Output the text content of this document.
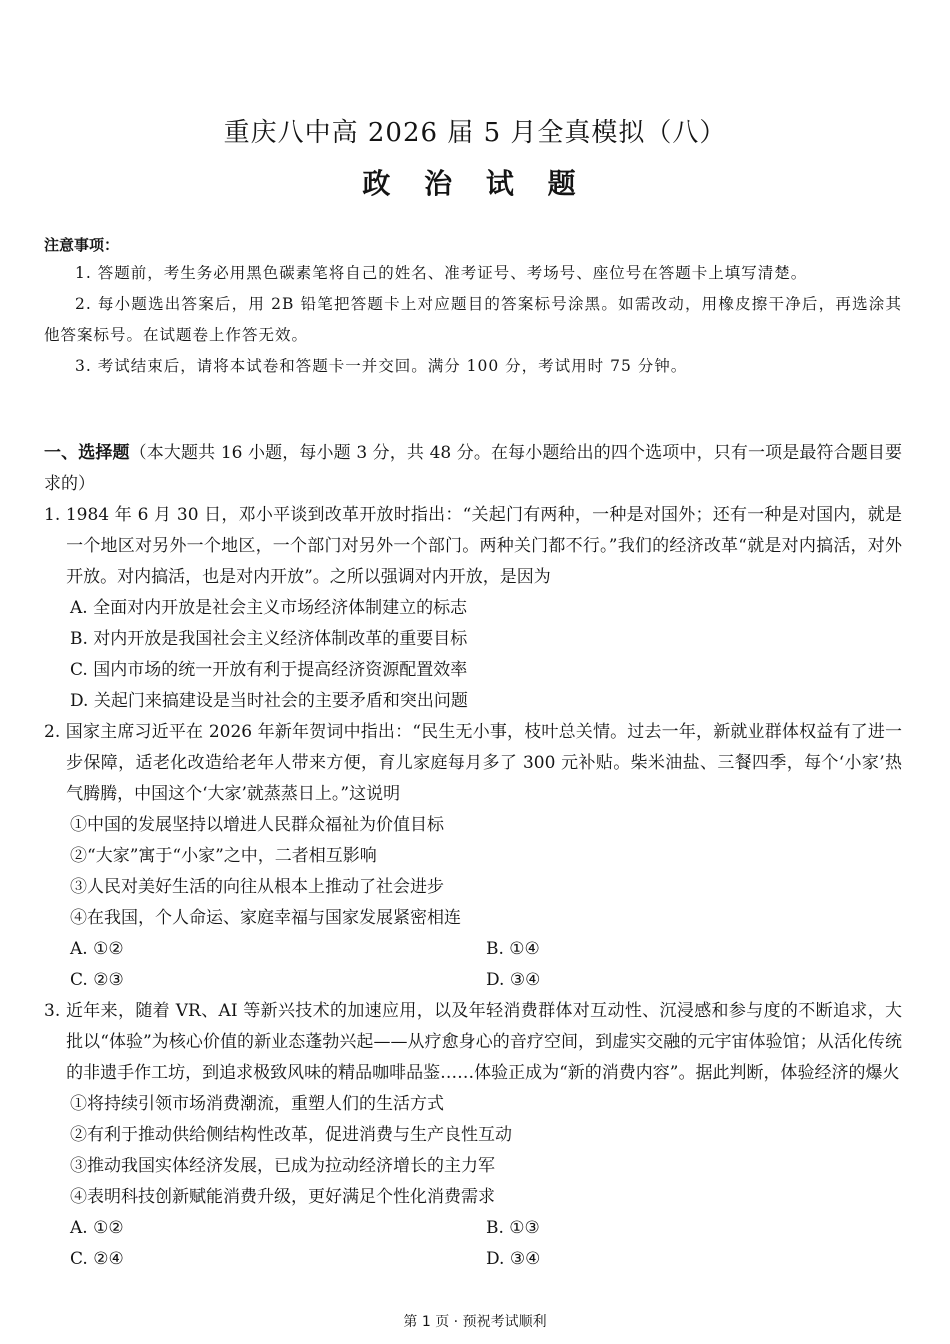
重庆八中高 2026 届 5 月全真模拟（八）
政 治 试 题
注意事项：

1. 答题前，考生务必用黑色碳素笔将自己的姓名、准考证号、考场号、座位号在答题卡上填写清楚。

2. 每小题选出答案后，用 2B 铅笔把答题卡上对应题目的答案标号涂黑。如需改动，用橡皮擦干净后，再选涂其他答案标号。在试题卷上作答无效。

3. 考试结束后，请将本试卷和答题卡一并交回。满分 100 分，考试用时 75 分钟。

一、选择题（本大题共 16 小题，每小题 3 分，共 48 分。在每小题给出的四个选项中，只有一项是最符合题目要求的）

1. 1984 年 6 月 30 日，邓小平谈到改革开放时指出：“关起门有两种，一种是对国外；还有一种是对国内，就是一个地区对另外一个地区，一个部门对另外一个部门。两种关门都不行。”我们的经济改革“就是对内搞活，对外开放。对内搞活，也是对内开放”。之所以强调对内开放，是因为

A. 全面对内开放是社会主义市场经济体制建立的标志

B. 对内开放是我国社会主义经济体制改革的重要目标

C. 国内市场的统一开放有利于提高经济资源配置效率

D. 关起门来搞建设是当时社会的主要矛盾和突出问题

2. 国家主席习近平在 2026 年新年贺词中指出：“民生无小事，枝叶总关情。过去一年，新就业群体权益有了进一步保障，适老化改造给老年人带来方便，育儿家庭每月多了 300 元补贴。柴米油盐、三餐四季，每个‘小家’热气腾腾，中国这个‘大家’就蒸蒸日上。”这说明

①中国的发展坚持以增进人民群众福祉为价值目标

②“大家”寓于“小家”之中，二者相互影响

③人民对美好生活的向往从根本上推动了社会进步

④在我国，个人命运、家庭幸福与国家发展紧密相连

A. ①②	B. ①④
C. ②③	D. ③④

3. 近年来，随着 VR、AI 等新兴技术的加速应用，以及年轻消费群体对互动性、沉浸感和参与度的不断追求，大批以“体验”为核心价值的新业态蓬勃兴起——从疗愈身心的音疗空间，到虚实交融的元宇宙体验馆；从活化传统的非遗手作工坊，到追求极致风味的精品咖啡品鉴……体验正成为“新的消费内容”。据此判断，体验经济的爆火

①将持续引领市场消费潮流，重塑人们的生活方式

②有利于推动供给侧结构性改革，促进消费与生产良性互动

③推动我国实体经济发展，已成为拉动经济增长的主力军

④表明科技创新赋能消费升级，更好满足个性化消费需求

A. ①②	B. ①③
C. ②④	D. ③④
第 1 页 · 预祝考试顺利
